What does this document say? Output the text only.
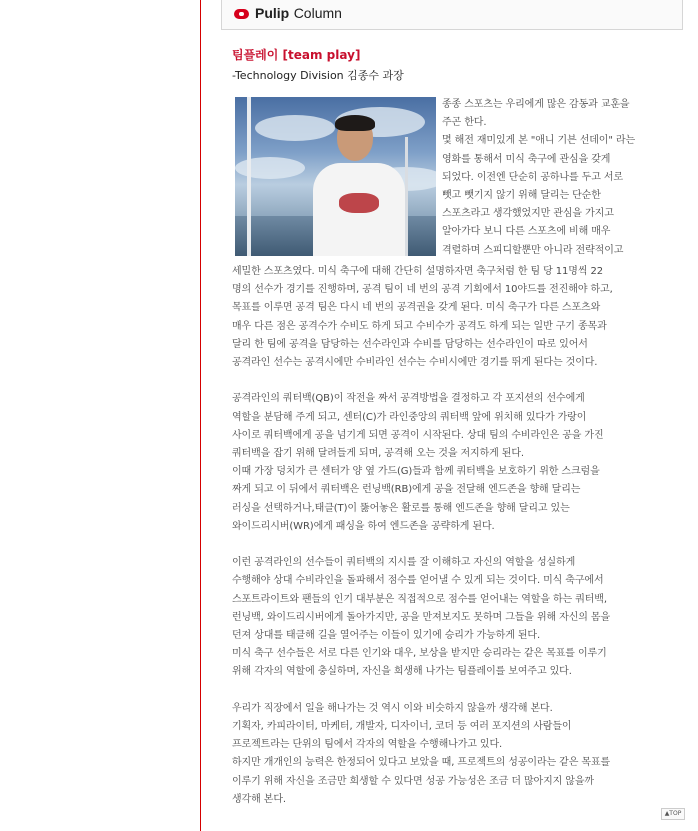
Pulip Column
팀플레이 [team play]
-Technology Division 김종수 과장

종종 스포츠는 우리에게 많은 감동과 교훈을

주곤 한다.

몇 해전 재미있게 본 "애니 기븐 선데이" 라는

영화를 통해서 미식 축구에 관심을 갖게

되었다. 이전엔 단순히 공하나를 두고 서로

뺏고 뺏기지 않기 위해 달리는 단순한

스포츠라고 생각했었지만 관심을 가지고

알아가다 보니 다른 스포츠에 비해 매우

격렬하며 스피디할뿐만 아니라 전략적이고

세밀한 스포츠였다. 미식 축구에 대해 간단히 설명하자면 축구처럼 한 팀 당 11명씩 22

명의 선수가 경기를 진행하며, 공격 팀이 네 번의 공격 기회에서 10야드를 전진해야 하고,

목표를 이루면 공격 팀은 다시 네 번의 공격권을 갖게 된다. 미식 축구가 다른 스포츠와

매우 다른 점은 공격수가 수비도 하게 되고 수비수가 공격도 하게 되는 일반 구기 종목과

달리 한 팀에 공격을 담당하는 선수라인과 수비를 담당하는 선수라인이 따로 있어서

공격라인 선수는 공격시에만 수비라인 선수는 수비시에만 경기를 뛰게 된다는 것이다.

공격라인의 쿼터백(QB)이 작전을 짜서 공격방법을 결정하고 각 포지션의 선수에게

역할을 분담해 주게 되고, 센터(C)가 라인중앙의 쿼터백 앞에 위치해 있다가 가랑이

사이로 쿼터백에게 공을 넘기게 되면 공격이 시작된다. 상대 팀의 수비라인은 공을 가진

쿼터백을 잡기 위해 달려들게 되며, 공격해 오는 것을 저지하게 된다.

이때 가장 덩치가 큰 센터가 양 옆 가드(G)들과 함께 쿼터백을 보호하기 위한 스크럼을

짜게 되고 이 뒤에서 쿼터백은 런닝백(RB)에게 공을 전달해 엔드존을 향해 달리는

러싱을 선택하거나,태클(T)이 뚫어놓은 활로를 통해 엔드존을 향해 달리고 있는

와이드리시버(WR)에게 패싱을 하여 엔드존을 공략하게 된다.

이런 공격라인의 선수들이 쿼터백의 지시를 잘 이해하고 자신의 역할을 성실하게

수행해야 상대 수비라인을 돌파해서 점수를 얻어낼 수 있게 되는 것이다. 미식 축구에서

스포트라이트와 팬들의 인기 대부분은 직접적으로 점수를 얻어내는 역할을 하는 쿼터백,

런닝백, 와이드리시버에게 돌아가지만, 공을 만져보지도 못하며 그들을 위해 자신의 몸을

던져 상대를 태클해 길을 열어주는 이들이 있기에 승리가 가능하게 된다.

미식 축구 선수들은 서로 다른 인기와 대우, 보상을 받지만 승리라는 같은 목표를 이루기

위해 각자의 역할에 충실하며, 자신을 희생해 나가는 팀플레이를 보여주고 있다.

우리가 직장에서 일을 해나가는 것 역시 이와 비슷하지 않을까 생각해 본다.

기획자, 카피라이터, 마케터, 개발자, 디자이너, 코더 등 여러 포지션의 사람들이

프로젝트라는 단위의 팀에서 각자의 역할을 수행해나가고 있다.

하지만 개개인의 능력은 한정되어 있다고 보았을 때, 프로젝트의 성공이라는 같은 목표를

이루기 위해 자신을 조금만 희생할 수 있다면 성공 가능성은 조금 더 많아지지 않을까

생각해 본다.

▲TOP
